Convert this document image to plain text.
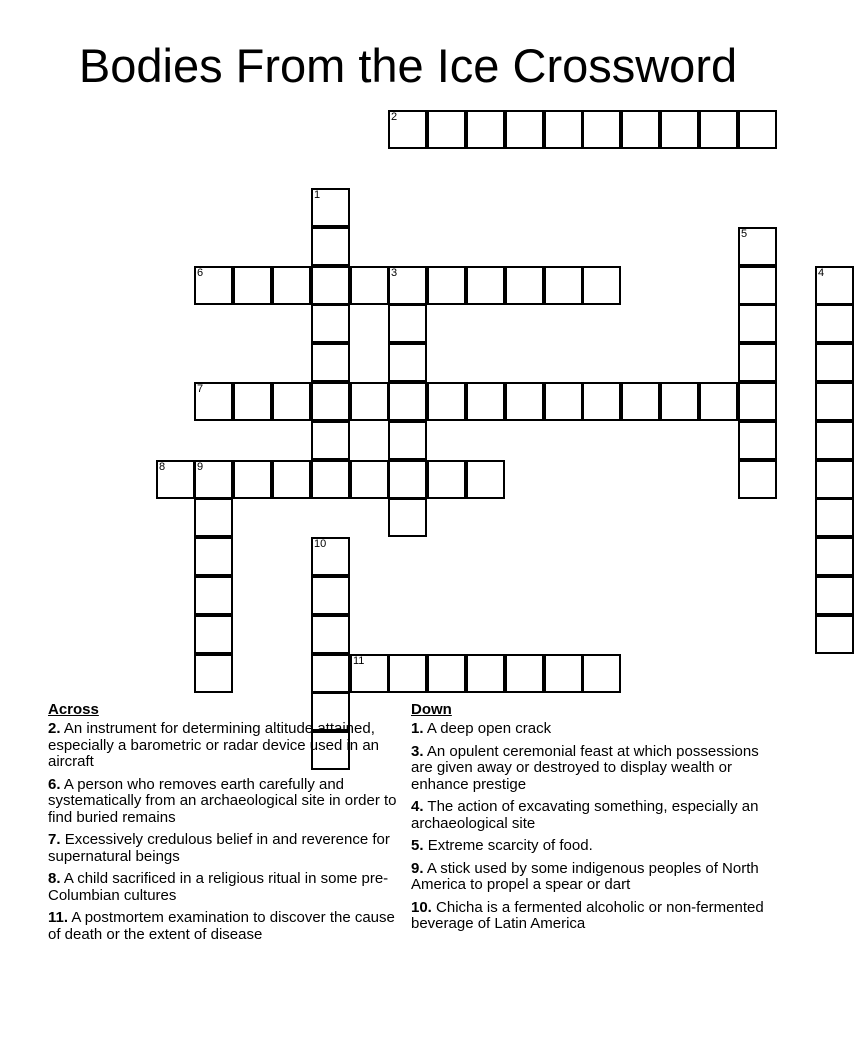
Bodies From the Ice Crossword
1
10
3
5
4
2
6
7
8	9
11
Across
2. An instrument for determining altitude attained, especially a barometric or radar device used in an aircraft
6. A person who removes earth carefully and systematically from an archaeological site in order to find buried remains
7. Excessively credulous belief in and reverence for supernatural beings
8. A child sacrificed in a religious ritual in some pre-Columbian cultures
11. A postmortem examination to discover the cause of death or the extent of disease
Down
1. A deep open crack
3. An opulent ceremonial feast at which possessions are given away or destroyed to display wealth or enhance prestige
4. The action of excavating something, especially an archaeological site
5. Extreme scarcity of food.
9. A stick used by some indigenous peoples of North America to propel a spear or dart
10. Chicha is a fermented alcoholic or non-fermented beverage of Latin America
